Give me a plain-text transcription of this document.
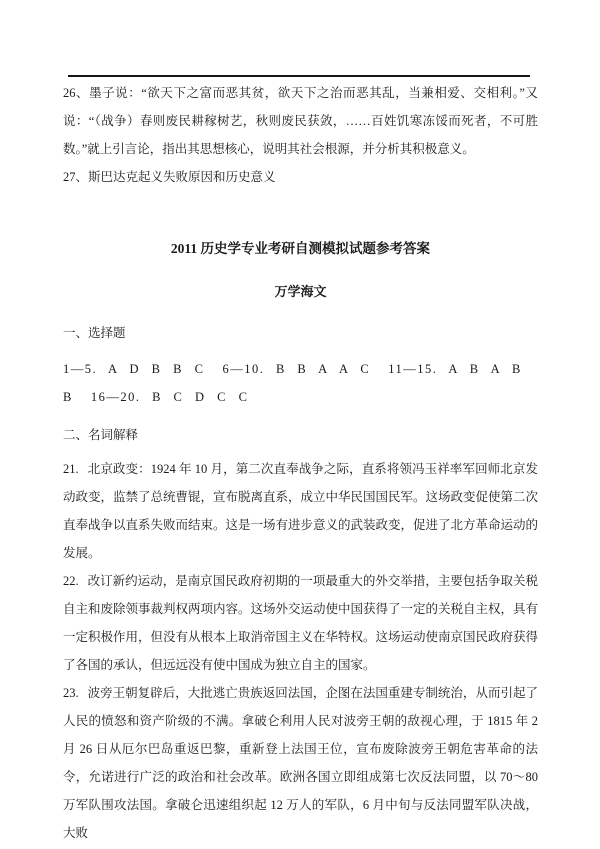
26、墨子说：“欲天下之富而恶其贫，欲天下之治而恶其乱，当兼相爱、交相利。”又说：“（战争）春则废民耕稼树艺，秋则废民获敛，……百姓饥寒冻馁而死者，不可胜数。”就上引言论，指出其思想核心，说明其社会根源，并分析其积极意义。

27、斯巴达克起义失败原因和历史意义

2011 历史学专业考研自测模拟试题参考答案

万学海文

一、选择题

1—5. A D B B C 6—10. B B A A C 11—15. A B A B B 16—20. B C D C C

二、名词解释

21. 北京政变：1924 年 10 月，第二次直奉战争之际，直系将领冯玉祥率军回师北京发动政变，监禁了总统曹锟，宣布脱离直系，成立中华民国国民军。这场政变促使第二次直奉战争以直系失败而结束。这是一场有进步意义的武装政变，促进了北方革命运动的发展。

22. 改订新约运动，是南京国民政府初期的一项最重大的外交举措，主要包括争取关税自主和废除领事裁判权两项内容。这场外交运动使中国获得了一定的关税自主权，具有一定积极作用，但没有从根本上取消帝国主义在华特权。这场运动使南京国民政府获得了各国的承认，但远远没有使中国成为独立自主的国家。

23. 波旁王朝复辟后，大批逃亡贵族返回法国，企图在法国重建专制统治，从而引起了人民的愤怒和资产阶级的不满。拿破仑利用人民对波旁王朝的敌视心理，于 1815 年 2 月 26 日从厄尔巴岛重返巴黎，重新登上法国王位，宣布废除波旁王朝危害革命的法令，允诺进行广泛的政治和社会改革。欧洲各国立即组成第七次反法同盟，以 70～80 万军队围攻法国。拿破仑迅速组织起 12 万人的军队，6 月中旬与反法同盟军队决战，大败
